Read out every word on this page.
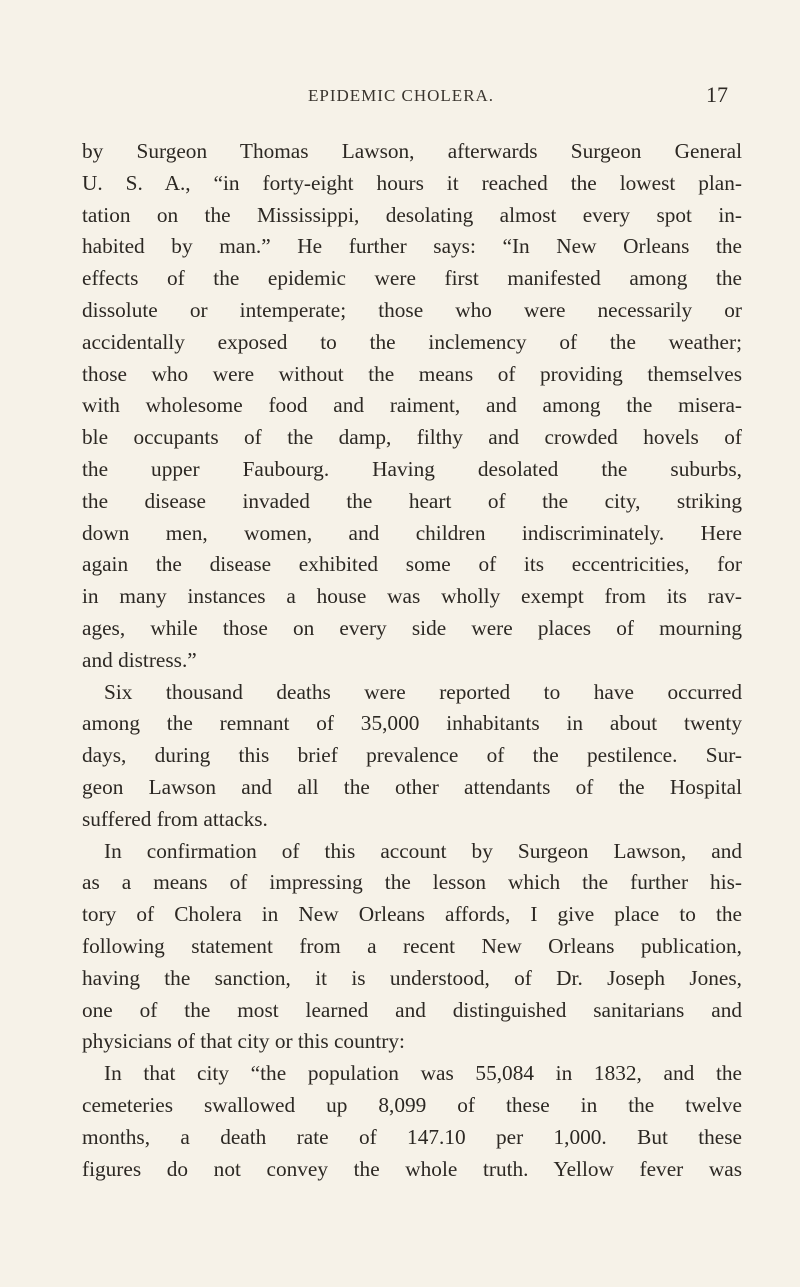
EPIDEMIC CHOLERA.	17
by Surgeon Thomas Lawson, afterwards Surgeon General
U. S. A., “in forty-eight hours it reached the lowest plan-
tation on the Mississippi, desolating almost every spot in-
habited by man.” He further says: “In New Orleans the
effects of the epidemic were first manifested among the
dissolute or intemperate; those who were necessarily or
accidentally exposed to the inclemency of the weather;
those who were without the means of providing themselves
with wholesome food and raiment, and among the misera-
ble occupants of the damp, filthy and crowded hovels of
the upper Faubourg. Having desolated the suburbs,
the disease invaded the heart of the city, striking
down men, women, and children indiscriminately. Here
again the disease exhibited some of its eccentricities, for
in many instances a house was wholly exempt from its rav-
ages, while those on every side were places of mourning
and distress.”
Six thousand deaths were reported to have occurred
among the remnant of 35,000 inhabitants in about twenty
days, during this brief prevalence of the pestilence. Sur-
geon Lawson and all the other attendants of the Hospital
suffered from attacks.
In confirmation of this account by Surgeon Lawson, and
as a means of impressing the lesson which the further his-
tory of Cholera in New Orleans affords, I give place to the
following statement from a recent New Orleans publication,
having the sanction, it is understood, of Dr. Joseph Jones,
one of the most learned and distinguished sanitarians and
physicians of that city or this country:
In that city “the population was 55,084 in 1832, and the
cemeteries swallowed up 8,099 of these in the twelve
months, a death rate of 147.10 per 1,000. But these
figures do not convey the whole truth. Yellow fever was
